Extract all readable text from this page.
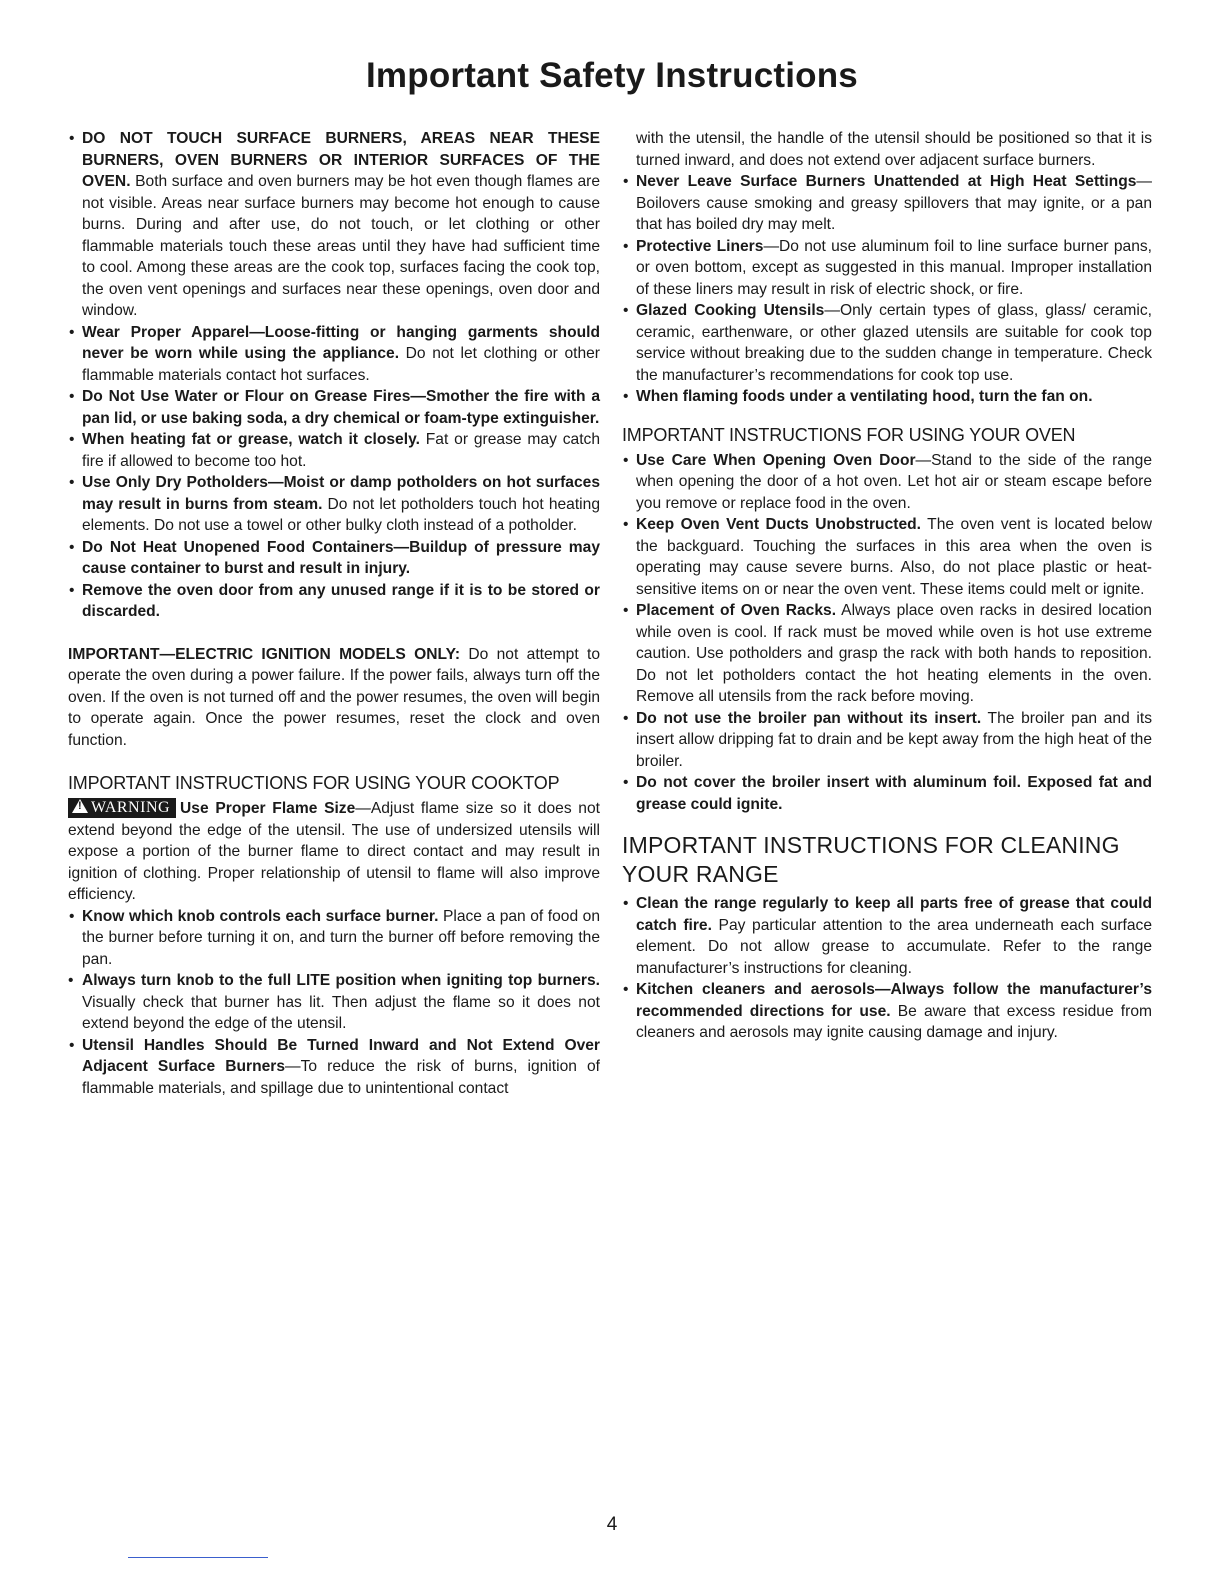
Important Safety Instructions

• DO NOT TOUCH SURFACE BURNERS, AREAS NEAR THESE BURNERS, OVEN BURNERS OR INTERIOR SURFACES OF THE OVEN. Both surface and oven burners may be hot even though flames are not visible. Areas near surface burners may become hot enough to cause burns. During and after use, do not touch, or let clothing or other flammable materials touch these areas until they have had sufficient time to cool. Among these areas are the cook top, surfaces facing the cook top, the oven vent openings and surfaces near these openings, oven door and window.

• Wear Proper Apparel—Loose-fitting or hanging garments should never be worn while using the appliance. Do not let clothing or other flammable materials contact hot surfaces.

• Do Not Use Water or Flour on Grease Fires—Smother the fire with a pan lid, or use baking soda, a dry chemical or foam-type extinguisher.

• When heating fat or grease, watch it closely. Fat or grease may catch fire if allowed to become too hot.

• Use Only Dry Potholders—Moist or damp potholders on hot surfaces may result in burns from steam. Do not let potholders touch hot heating elements. Do not use a towel or other bulky cloth instead of a potholder.

• Do Not Heat Unopened Food Containers—Buildup of pressure may cause container to burst and result in injury.

• Remove the oven door from any unused range if it is to be stored or discarded.

IMPORTANT—ELECTRIC IGNITION MODELS ONLY: Do not attempt to operate the oven during a power failure. If the power fails, always turn off the oven. If the oven is not turned off and the power resumes, the oven will begin to operate again. Once the power resumes, reset the clock and oven function.

IMPORTANT INSTRUCTIONS FOR USING YOUR COOKTOP

! WARNING Use Proper Flame Size—Adjust flame size so it does not extend beyond the edge of the utensil. The use of undersized utensils will expose a portion of the burner flame to direct contact and may result in ignition of clothing. Proper relationship of utensil to flame will also improve efficiency.

• Know which knob controls each surface burner. Place a pan of food on the burner before turning it on, and turn the burner off before removing the pan.

• Always turn knob to the full LITE position when igniting top burners. Visually check that burner has lit. Then adjust the flame so it does not extend beyond the edge of the utensil.

• Utensil Handles Should Be Turned Inward and Not Extend Over Adjacent Surface Burners—To reduce the risk of burns, ignition of flammable materials, and spillage due to unintentional contact

with the utensil, the handle of the utensil should be positioned so that it is turned inward, and does not extend over adjacent surface burners.

• Never Leave Surface Burners Unattended at High Heat Settings—Boilovers cause smoking and greasy spillovers that may ignite, or a pan that has boiled dry may melt.

• Protective Liners—Do not use aluminum foil to line surface burner pans, or oven bottom, except as suggested in this manual. Improper installation of these liners may result in risk of electric shock, or fire.

• Glazed Cooking Utensils—Only certain types of glass, glass/ ceramic, ceramic, earthenware, or other glazed utensils are suitable for cook top service without breaking due to the sudden change in temperature. Check the manufacturer’s recommendations for cook top use.

• When flaming foods under a ventilating hood, turn the fan on.

IMPORTANT INSTRUCTIONS FOR USING YOUR OVEN

• Use Care When Opening Oven Door—Stand to the side of the range when opening the door of a hot oven. Let hot air or steam escape before you remove or replace food in the oven.

• Keep Oven Vent Ducts Unobstructed. The oven vent is located below the backguard. Touching the surfaces in this area when the oven is operating may cause severe burns. Also, do not place plastic or heat-sensitive items on or near the oven vent. These items could melt or ignite.

• Placement of Oven Racks. Always place oven racks in desired location while oven is cool. If rack must be moved while oven is hot use extreme caution. Use potholders and grasp the rack with both hands to reposition. Do not let potholders contact the hot heating elements in the oven. Remove all utensils from the rack before moving.

• Do not use the broiler pan without its insert. The broiler pan and its insert allow dripping fat to drain and be kept away from the high heat of the broiler.

• Do not cover the broiler insert with aluminum foil. Exposed fat and grease could ignite.

IMPORTANT INSTRUCTIONS FOR CLEANING YOUR RANGE

• Clean the range regularly to keep all parts free of grease that could catch fire. Pay particular attention to the area underneath each surface element. Do not allow grease to accumulate. Refer to the range manufacturer’s instructions for cleaning.

• Kitchen cleaners and aerosols—Always follow the manufacturer’s recommended directions for use. Be aware that excess residue from cleaners and aerosols may ignite causing damage and injury.

4
